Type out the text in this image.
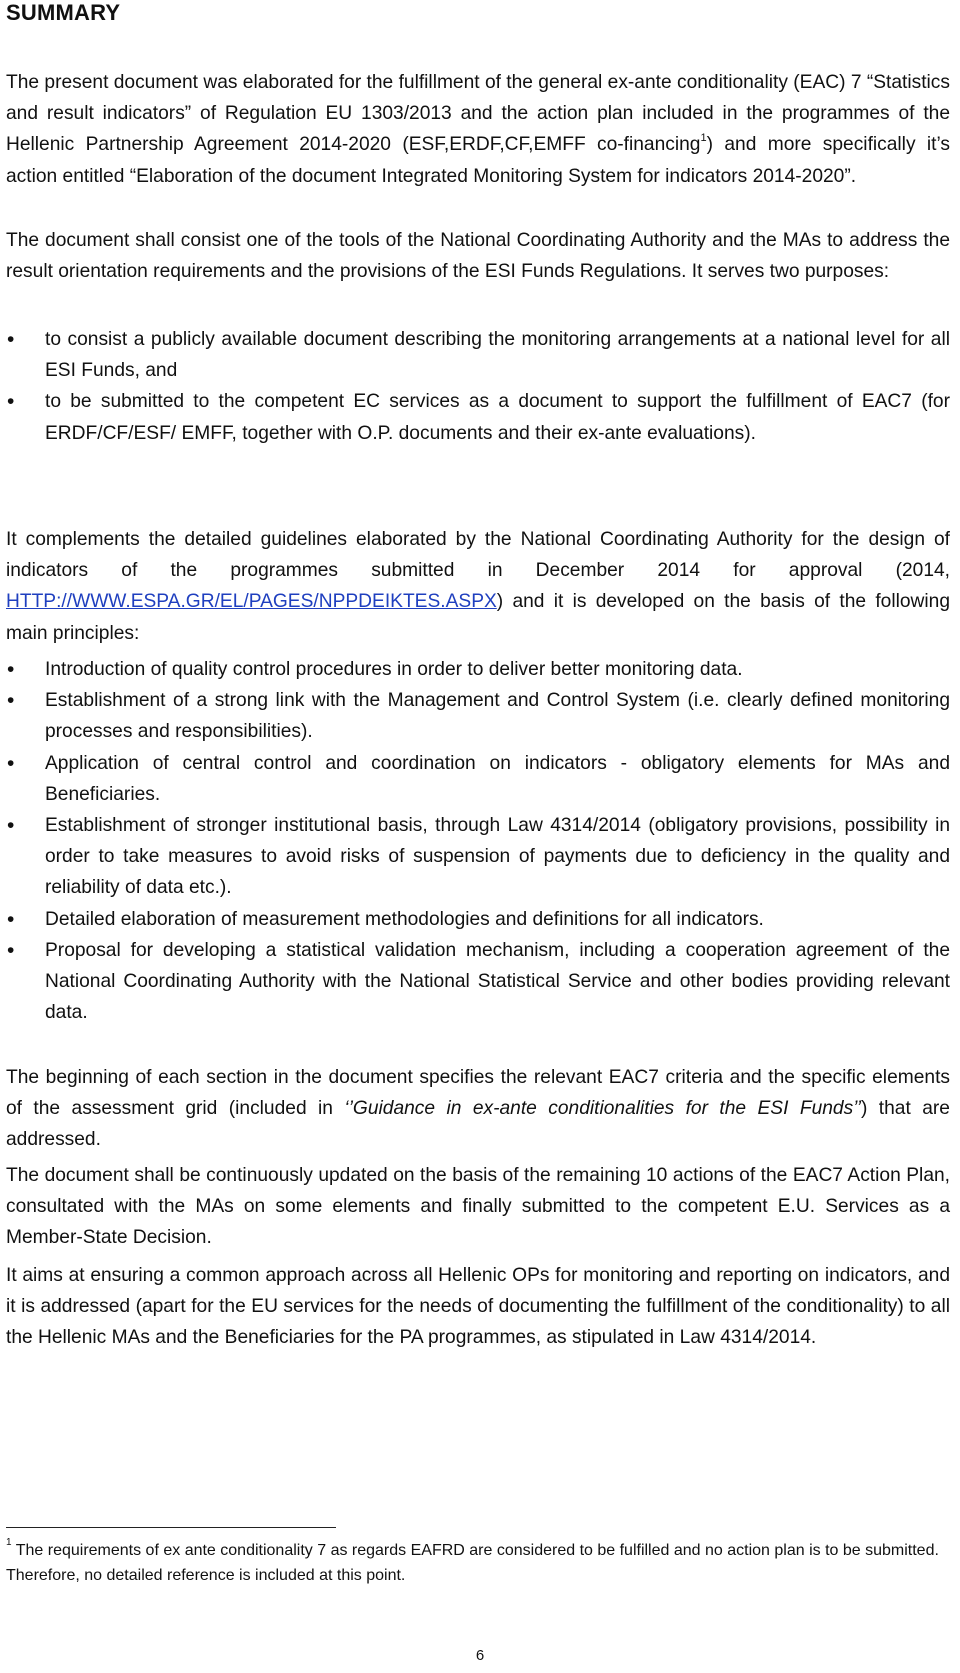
SUMMARY

The present document was elaborated for the fulfillment of the general ex-ante conditionality (EAC) 7 “Statistics and result indicators” of Regulation EU 1303/2013 and the action plan included in the programmes of the Hellenic Partnership Agreement 2014-2020 (ESF,ERDF,CF,EMFF co-financing$^1$) and more specifically it’s action entitled “Elaboration of the document Integrated Monitoring System for indicators 2014-2020”.

The document shall consist one of the tools of the National Coordinating Authority and the MAs to address the result orientation requirements and the provisions of the ESI Funds Regulations. It serves two purposes:

• to consist a publicly available document describing the monitoring arrangements at a national level for all ESI Funds, and
• to be submitted to the competent EC services as a document to support the fulfillment of EAC7 (for ERDF/CF/ESF/ EMFF, together with O.P. documents and their ex-ante evaluations).

It complements the detailed guidelines elaborated by the National Coordinating Authority for the design of indicators of the programmes submitted in December 2014 for approval (2014, HTTP://WWW.ESPA.GR/EL/PAGES/NPPDEIKTES.ASPX) and it is developed on the basis of the following main principles:

• Introduction of quality control procedures in order to deliver better monitoring data.
• Establishment of a strong link with the Management and Control System (i.e. clearly defined monitoring processes and responsibilities).
• Application of central control and coordination on indicators - obligatory elements for MAs and Beneficiaries.
• Establishment of stronger institutional basis, through Law 4314/2014 (obligatory provisions, possibility in order to take measures to avoid risks of suspension of payments due to deficiency in the quality and reliability of data etc.).
• Detailed elaboration of measurement methodologies and definitions for all indicators.
• Proposal for developing a statistical validation mechanism, including a cooperation agreement of the National Coordinating Authority with the National Statistical Service and other bodies providing relevant data.

The beginning of each section in the document specifies the relevant EAC7 criteria and the specific elements of the assessment grid (included in ‘’Guidance in ex-ante conditionalities for the ESI Funds’’) that are addressed.

The document shall be continuously updated on the basis of the remaining 10 actions of the EAC7 Action Plan, consultated with the MAs on some elements and finally submitted to the competent E.U. Services as a Member-State Decision.

It aims at ensuring a common approach across all Hellenic OPs for monitoring and reporting on indicators, and it is addressed (apart for the EU services for the needs of documenting the fulfillment of the conditionality) to all the Hellenic MAs and the Beneficiaries for the PA programmes, as stipulated in Law 4314/2014.

$^1$ The requirements of ex ante conditionality 7 as regards EAFRD are considered to be fulfilled and no action plan is to be submitted. Therefore, no detailed reference is included at this point.
6
